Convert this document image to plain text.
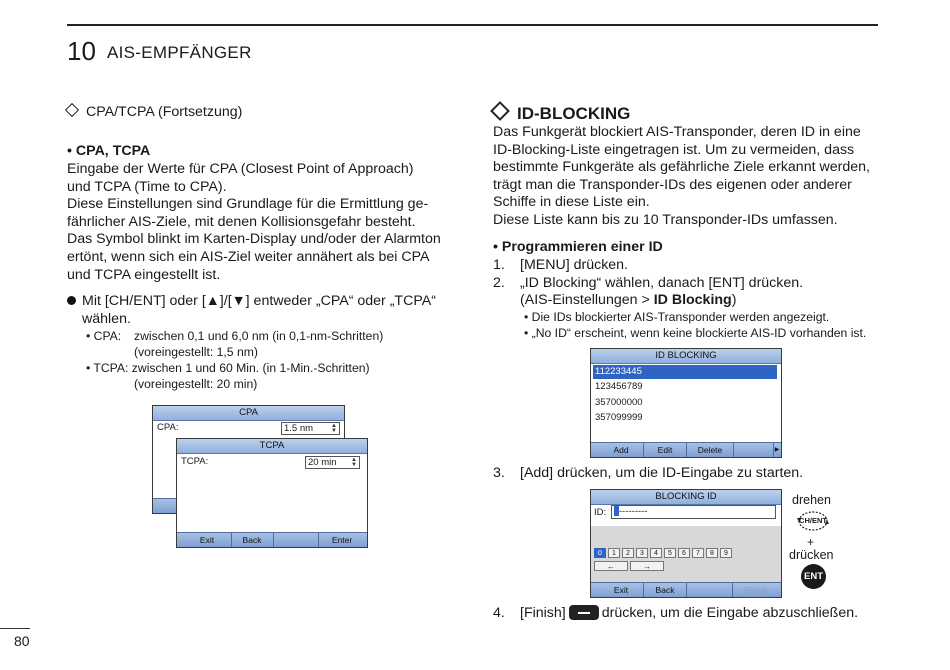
10 AIS-EMPFÄNGER
CPA/TCPA (Fortsetzung)
• CPA, TCPA
Eingabe der Werte für CPA (Closest Point of Approach)
und TCPA (Time to CPA).
Diese Einstellungen sind Grundlage für die Ermittlung ge-
fährlicher AIS-Ziele, mit denen Kollisionsgefahr besteht.
Das Symbol blinkt im Karten-Display und/oder der Alarmton
ertönt, wenn sich ein AIS-Ziel weiter annähert als bei CPA
und TCPA eingestellt ist.
Mit [CH/ENT] oder [▲]/[▼] entweder „CPA“ oder „TCPA“
wählen.
• CPA: zwischen 0,1 und 6,0 nm (in 0,1-nm-Schritten)
(voreingestellt: 1,5 nm)
• TCPA: zwischen 1 und 60 Min. (in 1-Min.-Schritten)
(voreingestellt: 20 min)
CPA
CPA:	1.5 nm	▲
▼
TCPA
TCPA:	20 min ▲
▼
Exit	Back	Enter
ID-BLOCKING
Das Funkgerät blockiert AIS-Transponder, deren ID in eine
ID-Blocking-Liste eingetragen ist. Um zu vermeiden, dass
bestimmte Funkgeräte als gefährliche Ziele erkannt werden,
trägt man die Transponder-IDs des eigenen oder anderer
Schiffe in diese Liste ein.
Diese Liste kann bis zu 10 Transponder-IDs umfassen.
• Programmieren einer ID
1. [MENU] drücken.
2. „ID Blocking“ wählen, danach [ENT] drücken.
(AIS-Einstellungen > ID Blocking)
• Die IDs blockierter AIS-Transponder werden angezeigt.
• „No ID“ erscheint, wenn keine blockierte AIS-ID vorhanden ist.
ID BLOCKING
112233445
123456789
357000000
357099999
Add	Edit	Delete	▶
3. [Add] drücken, um die ID-Eingabe zu starten.
BLOCKING ID
ID:	---------
0	1	2	3	4	5	6	7	8	9
←	→
Exit	Back	Finish
drehen
CH/ENT
+
drücken
ENT
4. [Finish]	drücken, um die Eingabe abzuschließen.
80
